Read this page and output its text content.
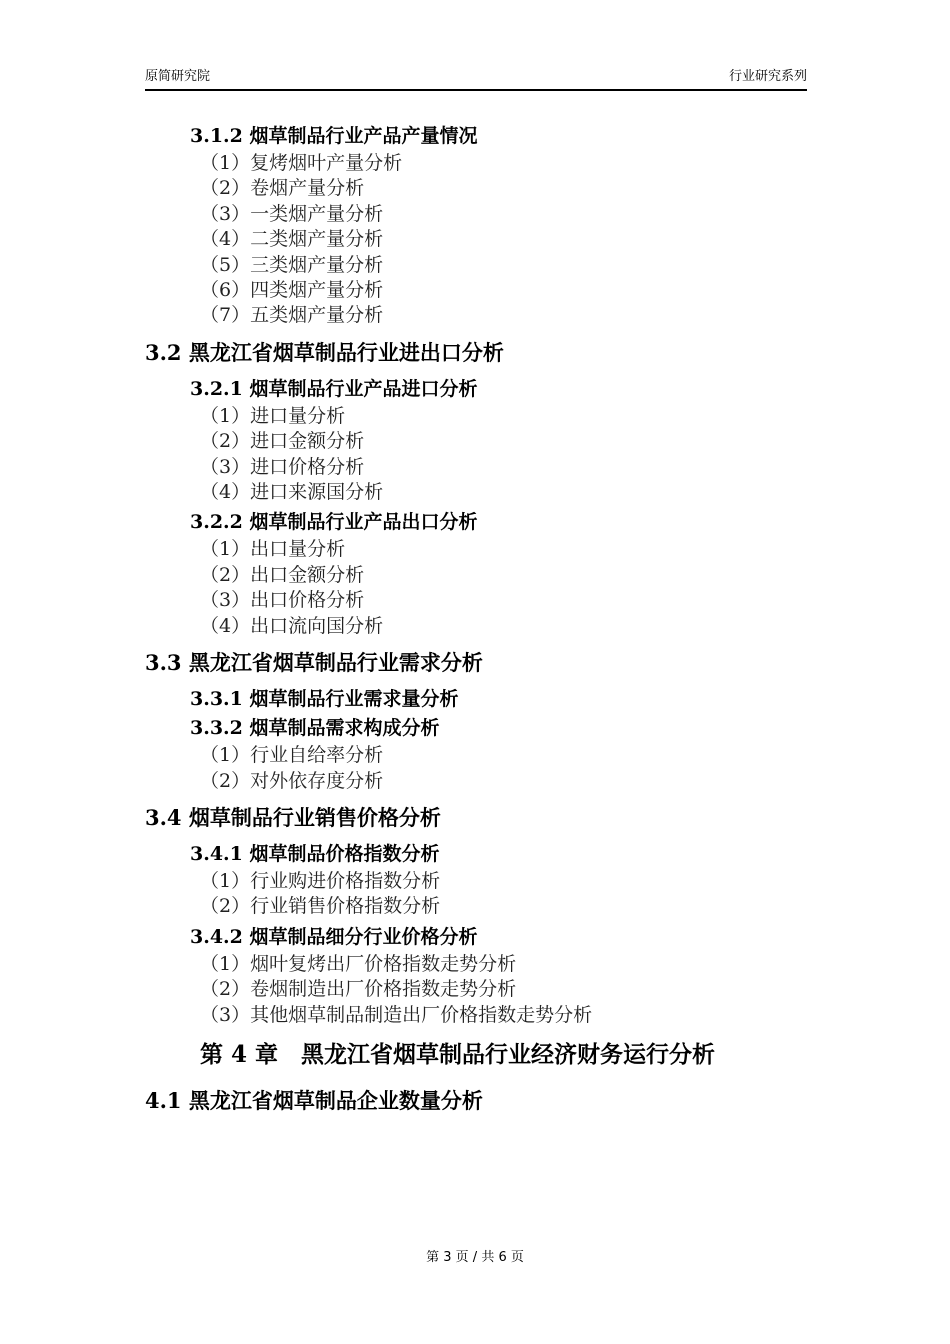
原简研究院	行业研究系列
3.1.2 烟草制品行业产品产量情况
（1）复烤烟叶产量分析
（2）卷烟产量分析
（3）一类烟产量分析
（4）二类烟产量分析
（5）三类烟产量分析
（6）四类烟产量分析
（7）五类烟产量分析
3.2 黑龙江省烟草制品行业进出口分析
3.2.1 烟草制品行业产品进口分析
（1）进口量分析
（2）进口金额分析
（3）进口价格分析
（4）进口来源国分析
3.2.2 烟草制品行业产品出口分析
（1）出口量分析
（2）出口金额分析
（3）出口价格分析
（4）出口流向国分析
3.3 黑龙江省烟草制品行业需求分析
3.3.1 烟草制品行业需求量分析
3.3.2 烟草制品需求构成分析
（1）行业自给率分析
（2）对外依存度分析
3.4 烟草制品行业销售价格分析
3.4.1 烟草制品价格指数分析
（1）行业购进价格指数分析
（2）行业销售价格指数分析
3.4.2 烟草制品细分行业价格分析
（1）烟叶复烤出厂价格指数走势分析
（2）卷烟制造出厂价格指数走势分析
（3）其他烟草制品制造出厂价格指数走势分析
第 4 章　黑龙江省烟草制品行业经济财务运行分析
4.1 黑龙江省烟草制品企业数量分析
第 3 页 / 共 6 页
